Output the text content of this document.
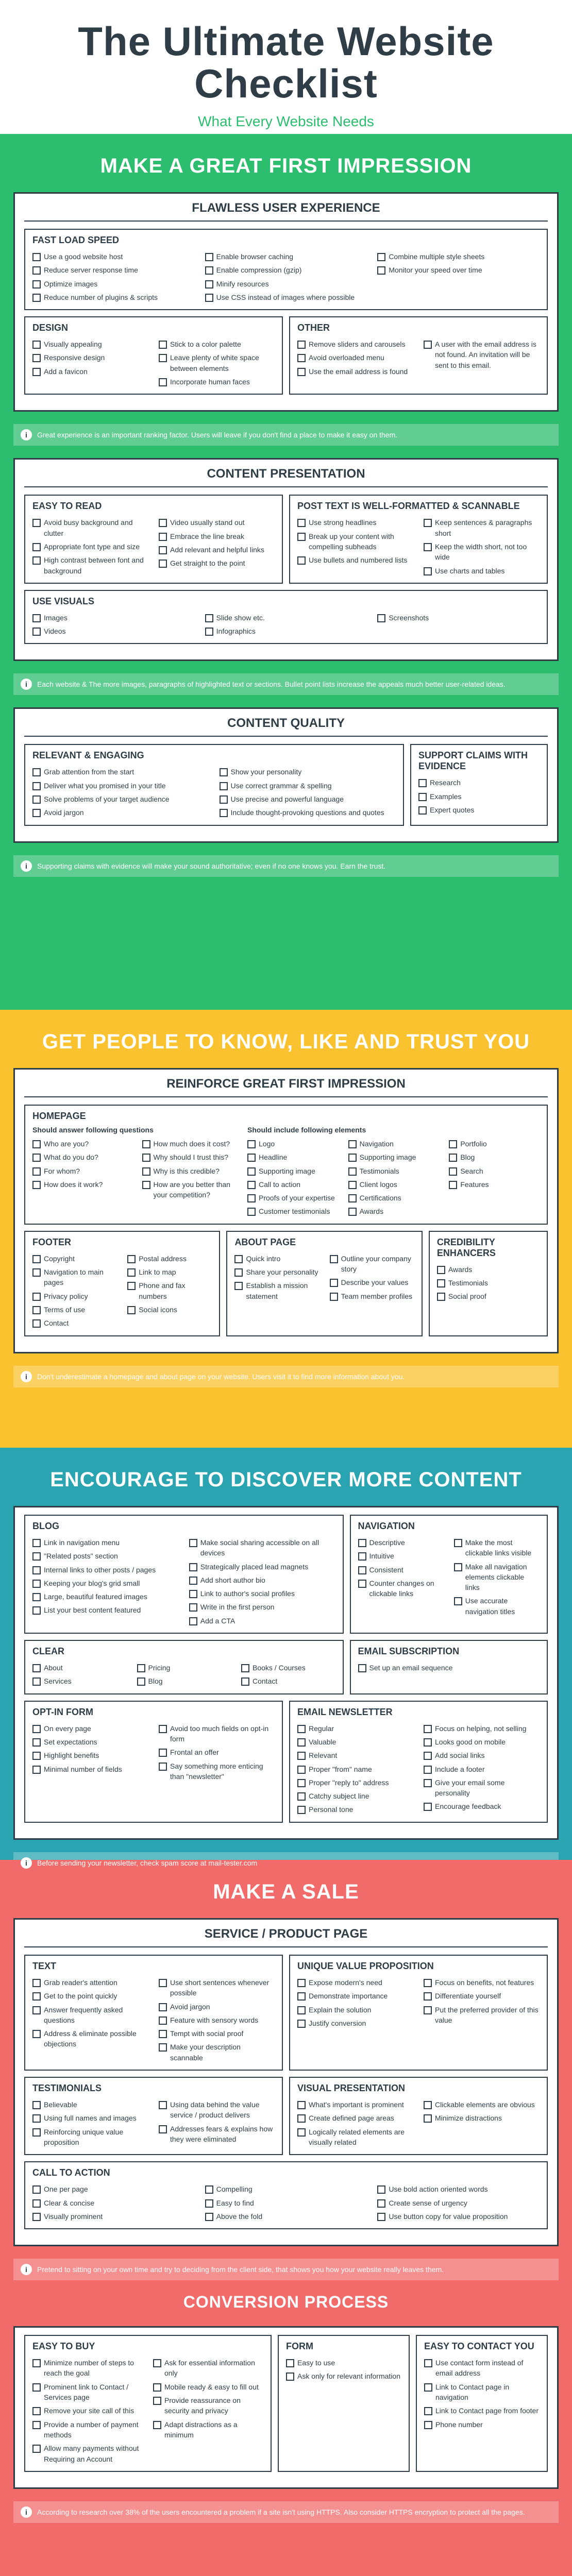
The Ultimate Website Checklist
What Every Website Needs
MAKE A GREAT FIRST IMPRESSION
FLAWLESS USER EXPERIENCE
FAST LOAD SPEED
Use a good website host
Reduce server response time
Optimize images
Reduce number of plugins & scripts
Enable browser caching
Enable compression (gzip)
Minify resources
Use CSS instead of images where possible
Combine multiple style sheets
Monitor your speed over time
DESIGN
Visually appealing
Responsive design
Add a favicon
Stick to a color palette
Leave plenty of white space between elements
Incorporate human faces
OTHER
Remove sliders and carousels
Avoid overloaded menu
Use the email address is found
A user with the email address is not found. An invitation will be sent to this email.
i	Great experience is an important ranking factor. Users will leave if you don't find a place to make it easy on them.
CONTENT PRESENTATION
EASY TO READ
Avoid busy background and clutter
Appropriate font type and size
High contrast between font and background
Video usually stand out
Embrace the line break
Add relevant and helpful links
Get straight to the point
POST TEXT IS WELL-FORMATTED & SCANNABLE
Use strong headlines
Break up your content with compelling subheads
Use bullets and numbered lists
Keep sentences & paragraphs short
Keep the width short, not too wide
Use charts and tables
USE VISUALS
Images
Videos
Slide show etc.
Infographics
Screenshots
i	Each website & The more images, paragraphs of highlighted text or sections. Bullet point lists increase the appeals much better user-related ideas.
CONTENT QUALITY
RELEVANT & ENGAGING
Grab attention from the start
Deliver what you promised in your title
Solve problems of your target audience
Avoid jargon
Show your personality
Use correct grammar & spelling
Use precise and powerful language
Include thought-provoking questions and quotes
SUPPORT CLAIMS WITH EVIDENCE
Research
Examples
Expert quotes
i	Supporting claims with evidence will make your sound authoritative; even if no one knows you. Earn the trust.
GET PEOPLE TO KNOW, LIKE AND TRUST YOU
REINFORCE GREAT FIRST IMPRESSION
HOMEPAGE
Should answer following questions
Who are you?
What do you do?
For whom?
How does it work?
How much does it cost?
Why should I trust this?
Why is this credible?
How are you better than your competition?
Should include following elements
Logo
Headline
Supporting image
Call to action
Proofs of your expertise
Customer testimonials
Navigation
Supporting image
Testimonials
Client logos
Certifications
Awards
Portfolio
Blog
Search
Features
FOOTER
Copyright
Navigation to main pages
Privacy policy
Terms of use
Contact
Postal address
Link to map
Phone and fax numbers
Social icons
ABOUT PAGE
Quick intro
Share your personality
Establish a mission statement
Outline your company story
Describe your values
Team member profiles
CREDIBILITY ENHANCERS
Awards
Testimonials
Social proof
i	Don't underestimate a homepage and about page on your website. Users visit it to find more information about you.
ENCOURAGE TO DISCOVER MORE CONTENT
BLOG
Link in navigation menu
"Related posts" section
Internal links to other posts / pages
Keeping your blog's grid small
Large, beautiful featured images
List your best content featured
Make social sharing accessible on all devices
Strategically placed lead magnets
Add short author bio
Link to author's social profiles
Write in the first person
Add a CTA
NAVIGATION
Descriptive
Intuitive
Consistent
Counter changes on clickable links
Make the most clickable links visible
Make all navigation elements clickable links
Use accurate navigation titles
CLEAR
About
Services
Pricing
Blog
Books / Courses
Contact
EMAIL SUBSCRIPTION
Set up an email sequence
OPT-IN FORM
On every page
Set expectations
Highlight benefits
Minimal number of fields
Avoid too much fields on opt-in form
Frontal an offer
Say something more enticing than "newsletter"
EMAIL NEWSLETTER
Regular
Valuable
Relevant
Proper "from" name
Proper "reply to" address
Catchy subject line
Personal tone
Focus on helping, not selling
Looks good on mobile
Add social links
Include a footer
Give your email some personality
Encourage feedback
i	Before sending your newsletter, check spam score at mail-tester.com
MAKE A SALE
SERVICE / PRODUCT PAGE
TEXT
Grab reader's attention
Get to the point quickly
Answer frequently asked questions
Address & eliminate possible objections
Use short sentences whenever possible
Avoid jargon
Feature with sensory words
Tempt with social proof
Make your description scannable
UNIQUE VALUE PROPOSITION
Expose modern's need
Demonstrate importance
Explain the solution
Justify conversion
Focus on benefits, not features
Differentiate yourself
Put the preferred provider of this value
TESTIMONIALS
Believable
Using full names and images
Reinforcing unique value proposition
Using data behind the value service / product delivers
Addresses fears & explains how they were eliminated
VISUAL PRESENTATION
What's important is prominent
Create defined page areas
Logically related elements are visually related
Clickable elements are obvious
Minimize distractions
CALL TO ACTION
One per page
Clear & concise
Visually prominent
Compelling
Easy to find
Above the fold
Use bold action oriented words
Create sense of urgency
Use button copy for value proposition
i	Pretend to sitting on your own time and try to deciding from the client side, that shows you how your website really leaves them.
CONVERSION PROCESS
EASY TO BUY
Minimize number of steps to reach the goal
Prominent link to Contact / Services page
Remove your site call of this
Provide a number of payment methods
Allow many payments without Requiring an Account
Ask for essential information only
Mobile ready & easy to fill out
Provide reassurance on security and privacy
Adapt distractions as a minimum
FORM
Easy to use
Ask only for relevant information
EASY TO CONTACT YOU
Use contact form instead of email address
Link to Contact page in navigation
Link to Contact page from footer
Phone number
i	According to research over 38% of the users encountered a problem if a site isn't using HTTPS. Also consider HTTPS encryption to protect all the pages.
